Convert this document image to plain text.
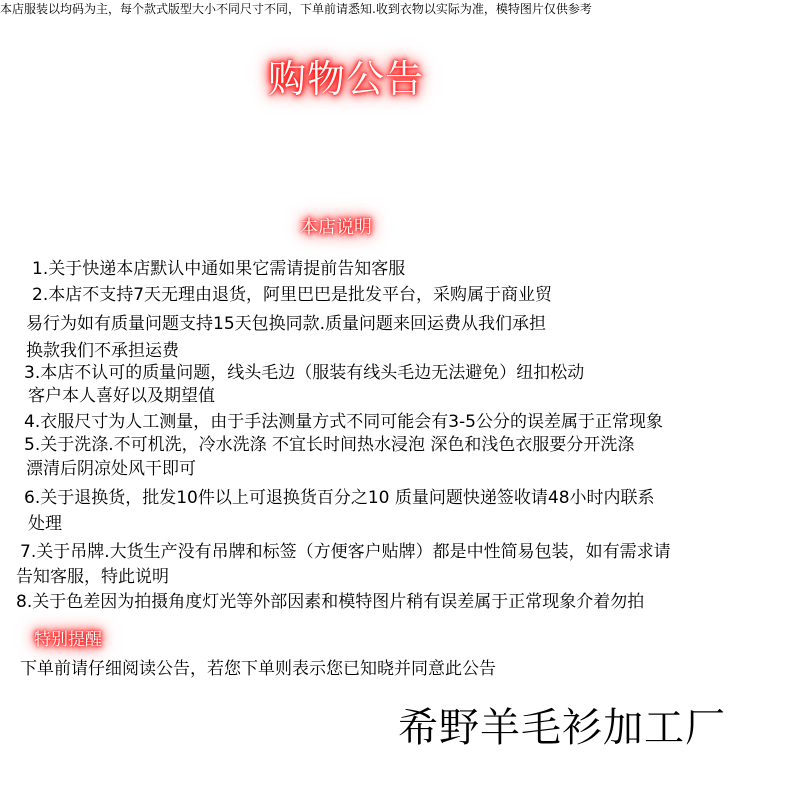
购物公告
本店服装以均码为主，每个款式版型大小不同尺寸不同，下单前请悉知.收到衣物以实际为准，模特图片仅供参考
本店说明
1.关于快递本店默认中通如果它需请提前告知客服
2.本店不支持7天无理由退货，阿里巴巴是批发平台，采购属于商业贸
易行为如有质量问题支持15天包换同款.质量问题来回运费从我们承担
换款我们不承担运费
3.本店不认可的质量问题，线头毛边（服装有线头毛边无法避免）纽扣松动
客户本人喜好以及期望值
4.衣服尺寸为人工测量，由于手法测量方式不同可能会有3-5公分的误差属于正常现象
5.关于洗涤.不可机洗，冷水洗涤 不宜长时间热水浸泡 深色和浅色衣服要分开洗涤
漂清后阴凉处风干即可
6.关于退换货，批发10件以上可退换货百分之10 质量问题快递签收请48小时内联系
处理
7.关于吊牌.大货生产没有吊牌和标签（方便客户贴牌）都是中性简易包装，如有需求请
告知客服，特此说明
8.关于色差因为拍摄角度灯光等外部因素和模特图片稍有误差属于正常现象介着勿拍
特别提醒
下单前请仔细阅读公告，若您下单则表示您已知晓并同意此公告
希野羊毛衫加工厂
